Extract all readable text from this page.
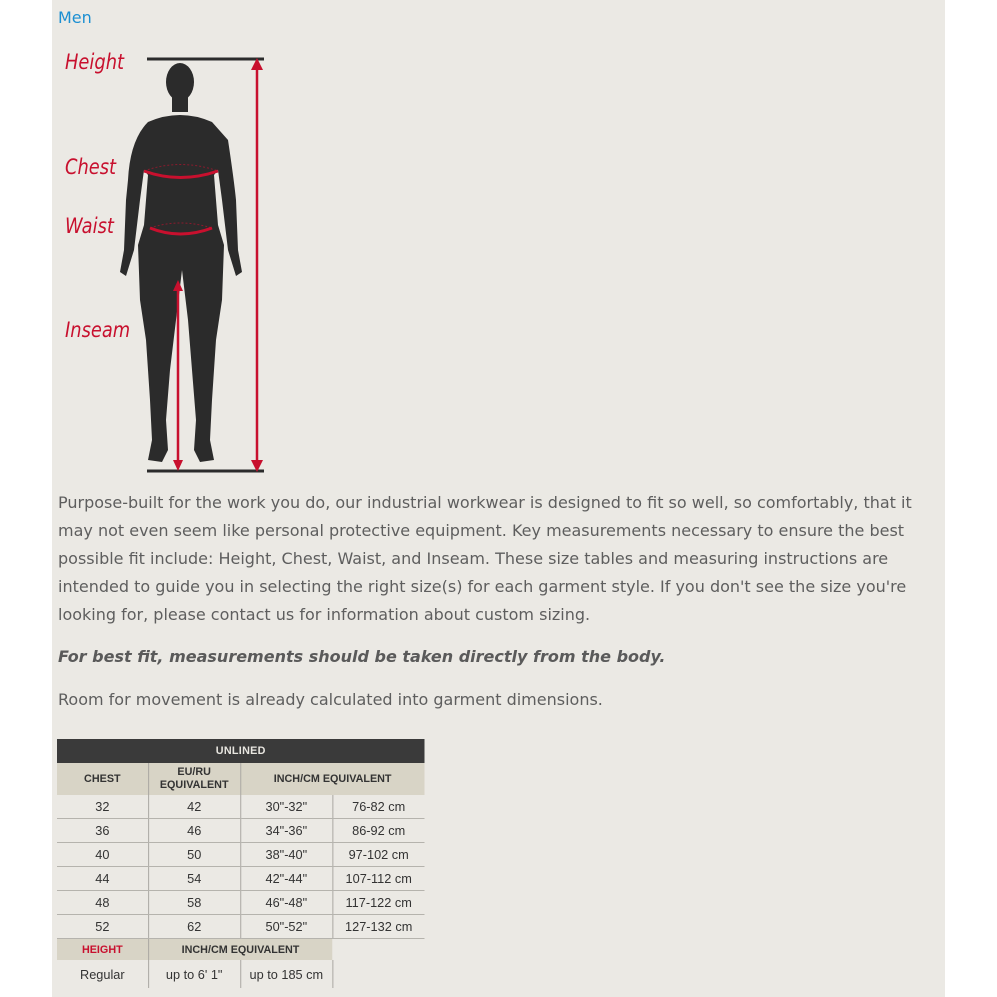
Men
Height
Chest
Waist
Inseam

Purpose-built for the work you do, our industrial workwear is designed to fit so well, so comfortably, that it may not even seem like personal protective equipment. Key measurements necessary to ensure the best possible fit include: Height, Chest, Waist, and Inseam. These size tables and measuring instructions are intended to guide you in selecting the right size(s) for each garment style. If you don't see the size you're looking for, please contact us for information about custom sizing.

For best fit, measurements should be taken directly from the body.

Room for movement is already calculated into garment dimensions.

UNLINED			
CHEST	EU/RU EQUIVALENT	INCH/CM EQUIVALENT	
32	42	30"-32"	76-82 cm
36	46	34"-36"	86-92 cm
40	50	38"-40"	97-102 cm
44	54	42"-44"	107-112 cm
48	58	46"-48"	117-122 cm
52	62	50"-52"	127-132 cm
HEIGHT	INCH/CM EQUIVALENT		
Regular	up to 6' 1"	up to 185 cm	
